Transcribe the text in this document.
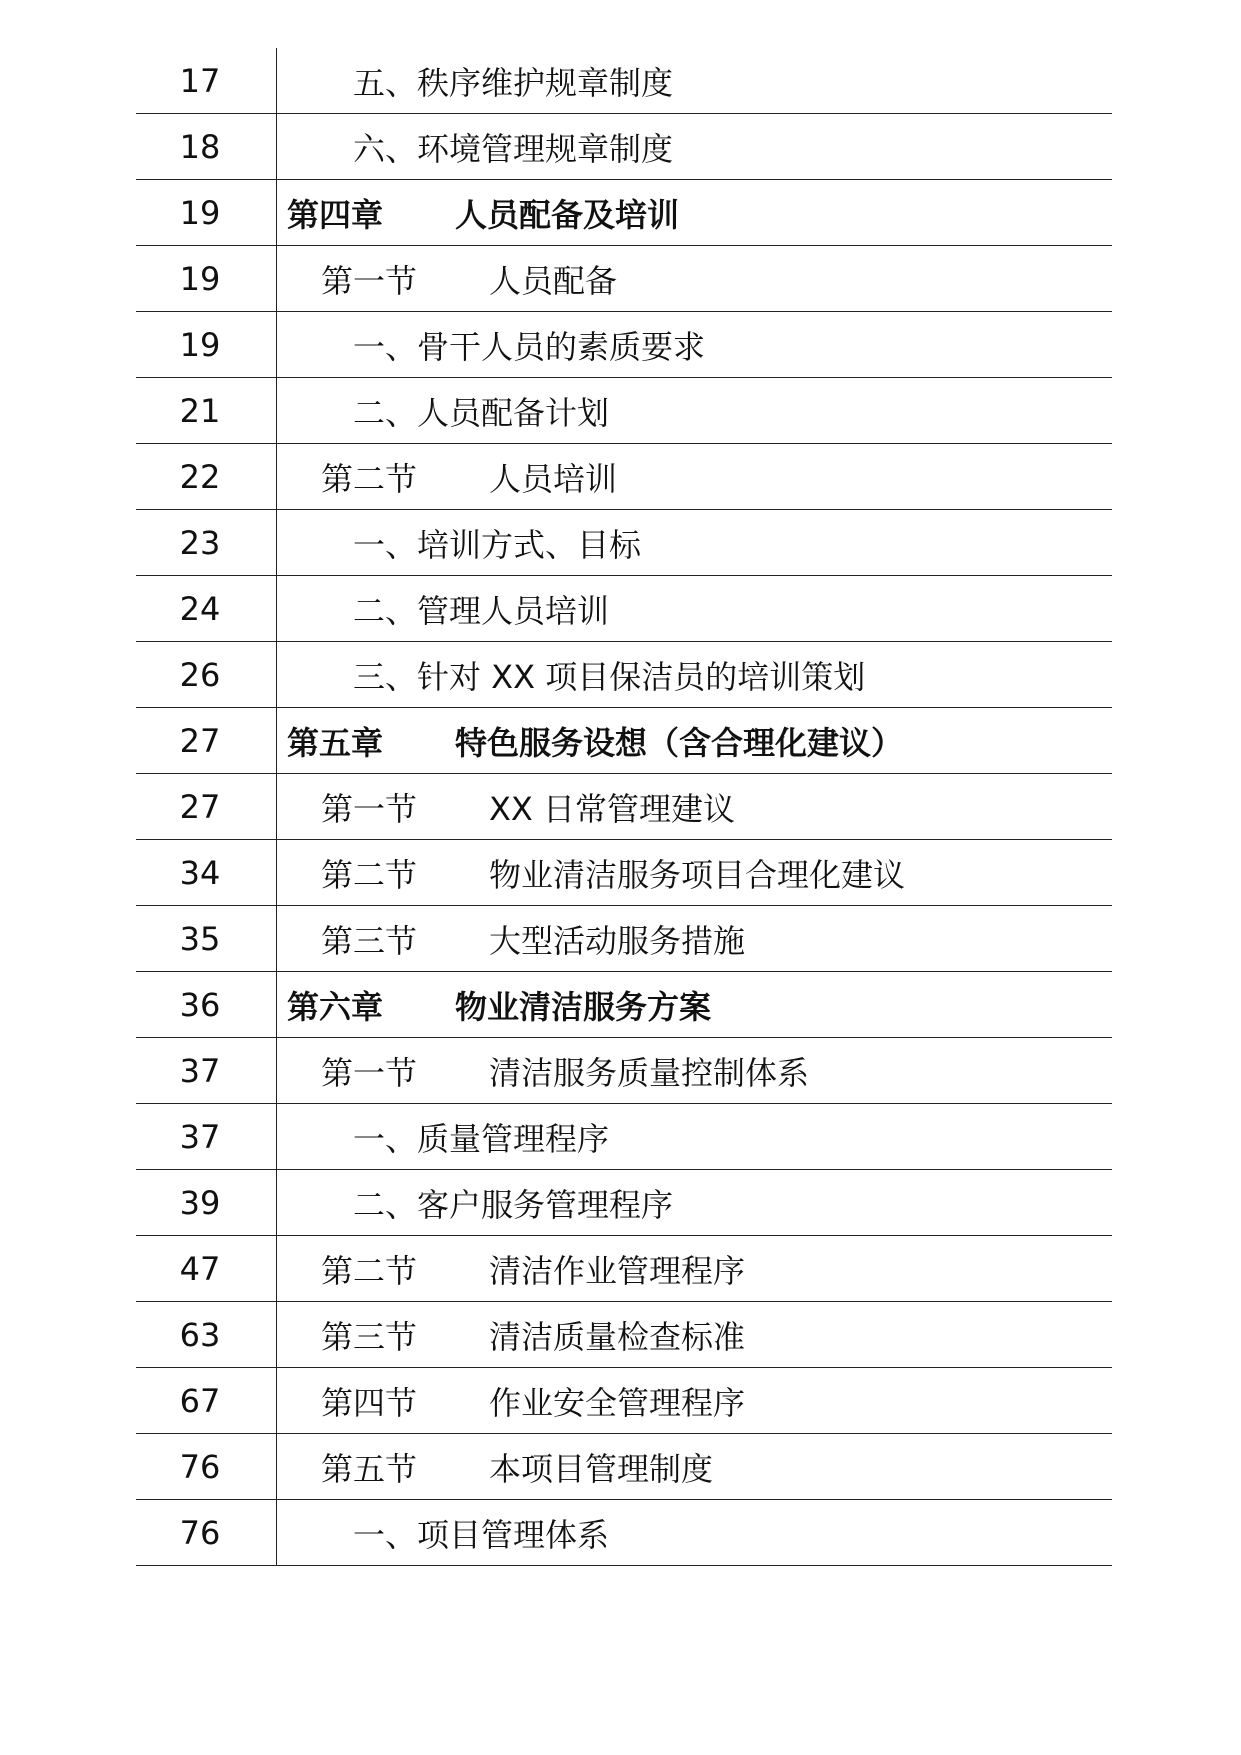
17	五、秩序维护规章制度
18	六、环境管理规章制度
19	第四章	人员配备及培训
19	第一节	人员配备
19	一、骨干人员的素质要求
21	二、人员配备计划
22	第二节	人员培训
23	一、培训方式、目标
24	二、管理人员培训
26	三、针对 XX 项目保洁员的培训策划
27	第五章	特色服务设想（含合理化建议）
27	第一节	XX 日常管理建议
34	第二节	物业清洁服务项目合理化建议
35	第三节	大型活动服务措施
36	第六章	物业清洁服务方案
37	第一节	清洁服务质量控制体系
37	一、质量管理程序
39	二、客户服务管理程序
47	第二节	清洁作业管理程序
63	第三节	清洁质量检查标准
67	第四节	作业安全管理程序
76	第五节	本项目管理制度
76	一、项目管理体系
